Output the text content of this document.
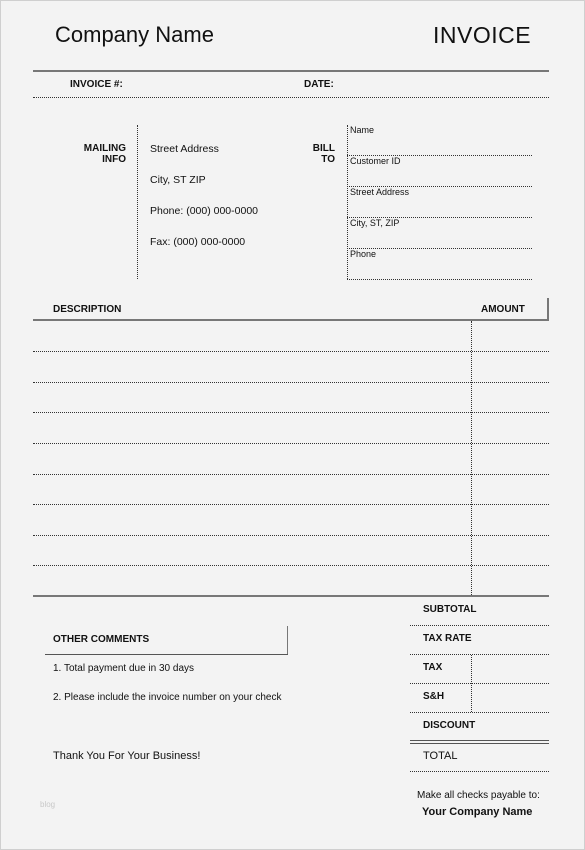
Company Name	INVOICE
INVOICE #:	DATE:
MAILING
INFO
Street Address
City, ST ZIP
Phone: (000) 000-0000
Fax: (000) 000-0000
BILL
TO
Name
Customer ID
Street Address
City, ST, ZIP
Phone
DESCRIPTION	AMOUNT
OTHER COMMENTS
1. Total payment due in 30 days
2. Please include the invoice number on your check
Thank You For Your Business!
SUBTOTAL
TAX RATE
TAX
S&H
DISCOUNT
TOTAL
Make all checks payable to:
Your Company Name
blog
